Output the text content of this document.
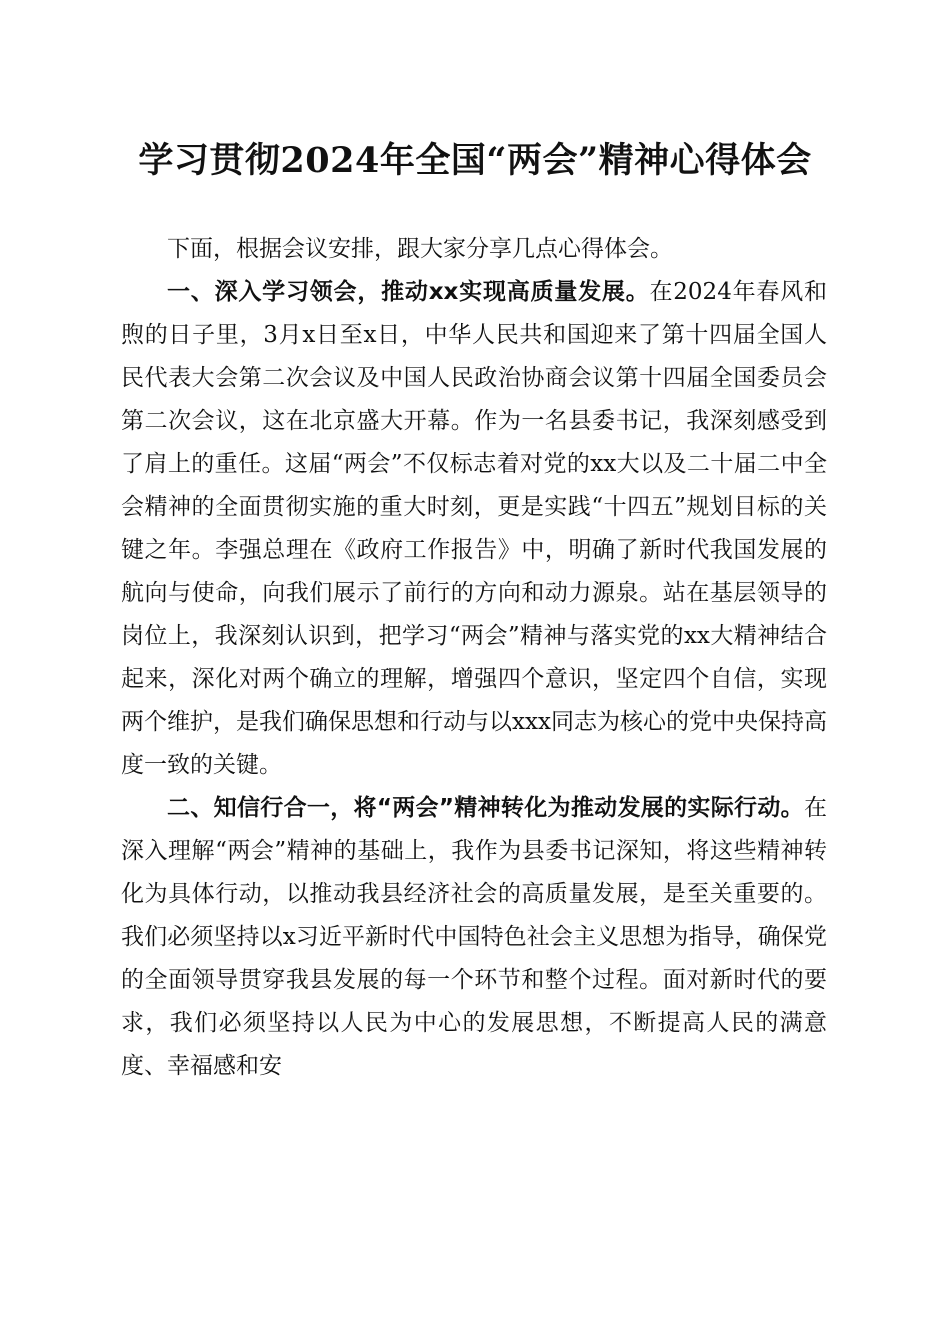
学习贯彻2024年全国“两会”精神心得体会

下面，根据会议安排，跟大家分享几点心得体会。

一、深入学习领会，推动xx实现高质量发展。在2024年春风和煦的日子里，3月x日至x日，中华人民共和国迎来了第十四届全国人民代表大会第二次会议及中国人民政治协商会议第十四届全国委员会第二次会议，这在北京盛大开幕。作为一名县委书记，我深刻感受到了肩上的重任。这届“两会”不仅标志着对党的xx大以及二十届二中全会精神的全面贯彻实施的重大时刻，更是实践“十四五”规划目标的关键之年。李强总理在《政府工作报告》中，明确了新时代我国发展的航向与使命，向我们展示了前行的方向和动力源泉。站在基层领导的岗位上，我深刻认识到，把学习“两会”精神与落实党的xx大精神结合起来，深化对两个确立的理解，增强四个意识，坚定四个自信，实现两个维护，是我们确保思想和行动与以xxx同志为核心的党中央保持高度一致的关键。

二、知信行合一，将“两会”精神转化为推动发展的实际行动。在深入理解“两会”精神的基础上，我作为县委书记深知，将这些精神转化为具体行动，以推动我县经济社会的高质量发展，是至关重要的。我们必须坚持以x习近平新时代中国特色社会主义思想为指导，确保党的全面领导贯穿我县发展的每一个环节和整个过程。面对新时代的要求，我们必须坚持以人民为中心的发展思想，不断提高人民的满意度、幸福感和安
